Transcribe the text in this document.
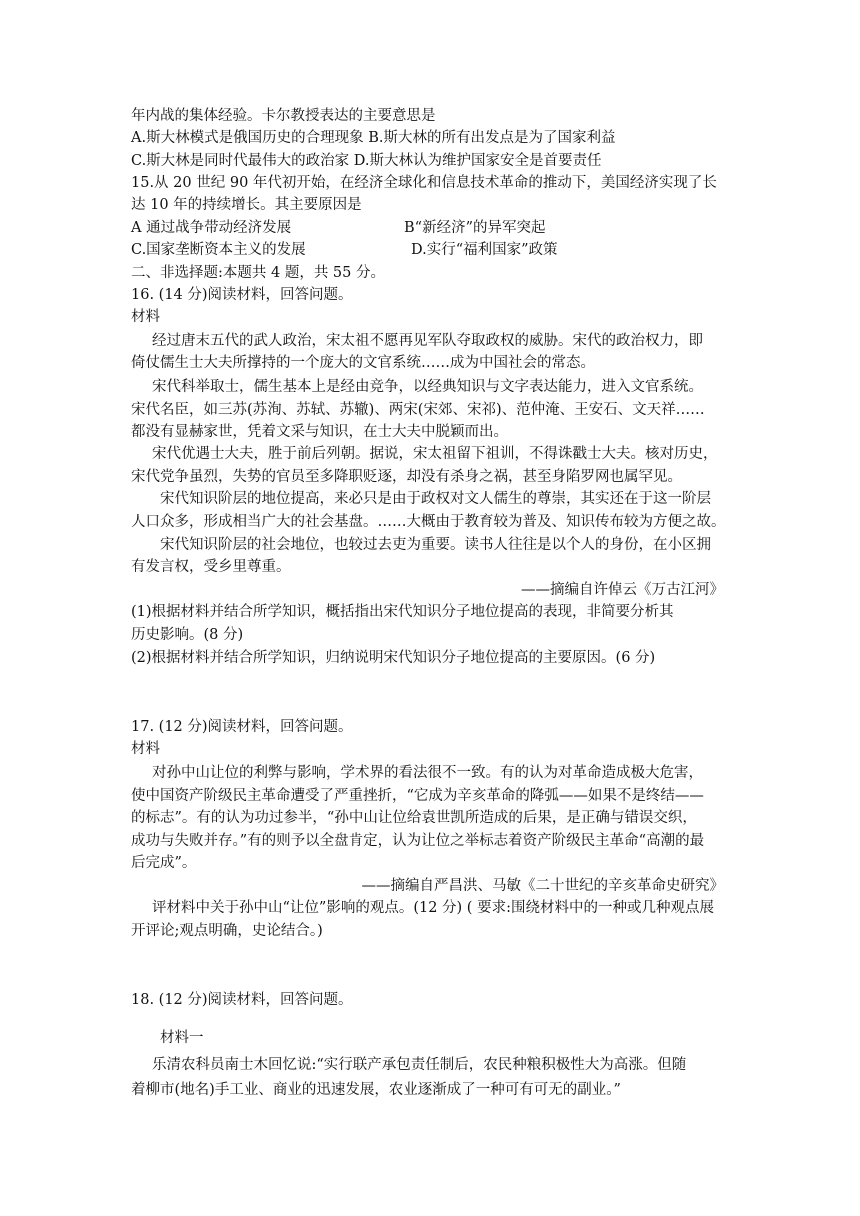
年内战的集体经验。卡尔教授表达的主要意思是
A.斯大林模式是俄国历史的合理现象 B.斯大林的所有出发点是为了国家利益
C.斯大林是同时代最伟大的政治家 D.斯大林认为维护国家安全是首要责任
15.从 20 世纪 90 年代初开始，在经济全球化和信息技术革命的推动下，美国经济实现了长
达 10 年的持续增长。其主要原因是
A 通过战争带动经济发展	B“新经济”的异军突起
C.国家垄断资本主义的发展	D.实行“福利国家”政策
二、非选择题:本题共 4 题，共 55 分。
16. (14 分)阅读材料，回答问题。
材料
经过唐末五代的武人政治，宋太祖不愿再见军队夺取政权的威胁。宋代的政治权力，即
倚仗儒生士大夫所撑持的一个庞大的文官系统……成为中国社会的常态。
宋代科举取士，儒生基本上是经由竞争，以经典知识与文字表达能力，进入文官系统。
宋代名臣，如三苏(苏洵、苏轼、苏辙)、两宋(宋郊、宋祁)、范仲淹、王安石、文天祥……
都没有显赫家世，凭着文采与知识，在士大夫中脱颖而出。
宋代优遇士大夫，胜于前后列朝。据说，宋太祖留下祖训，不得诛戳士大夫。核对历史，
宋代党争虽烈，失势的官员至多降职贬逐，却没有杀身之祸，甚至身陷罗网也属罕见。
宋代知识阶层的地位提高，来必只是由于政权对文人儒生的尊崇，其实还在于这一阶层
人口众多，形成相当广大的社会基盘。……大概由于教育较为普及、知识传布较为方便之故。
宋代知识阶层的社会地位，也较过去吏为重要。读书人往往是以个人的身份，在小区拥
有发言权，受乡里尊重。
——摘编自许倬云《万古江河》
(1)根据材料并结合所学知识，概括指出宋代知识分子地位提高的表现，非简要分析其
历史影响。(8 分)
(2)根据材料并结合所学知识，归纳说明宋代知识分子地位提高的主要原因。(6 分)
17. (12 分)阅读材料，回答问题。
材料
对孙中山让位的利弊与影响，学术界的看法很不一致。有的认为对革命造成极大危害，
使中国资产阶级民主革命遭受了严重挫折，“它成为辛亥革命的降弧——如果不是终结——
的标志”。有的认为功过参半，“孙中山让位给袁世凯所造成的后果，是正确与错误交织，
成功与失败并存。”有的则予以全盘肯定，认为让位之举标志着资产阶级民主革命“高潮的最
后完成”。
——摘编自严昌洪、马敏《二十世纪的辛亥革命史研究》
评材料中关于孙中山“让位”影响的观点。(12 分) ( 要求:围绕材料中的一种或几种观点展
开评论;观点明确，史论结合。)
18. (12 分)阅读材料，回答问题。
材料一
乐清农科员南士木回忆说:“实行联产承包责任制后，农民种粮积极性大为高涨。但随
着柳市(地名)手工业、商业的迅速发展，农业逐渐成了一种可有可无的副业。”
